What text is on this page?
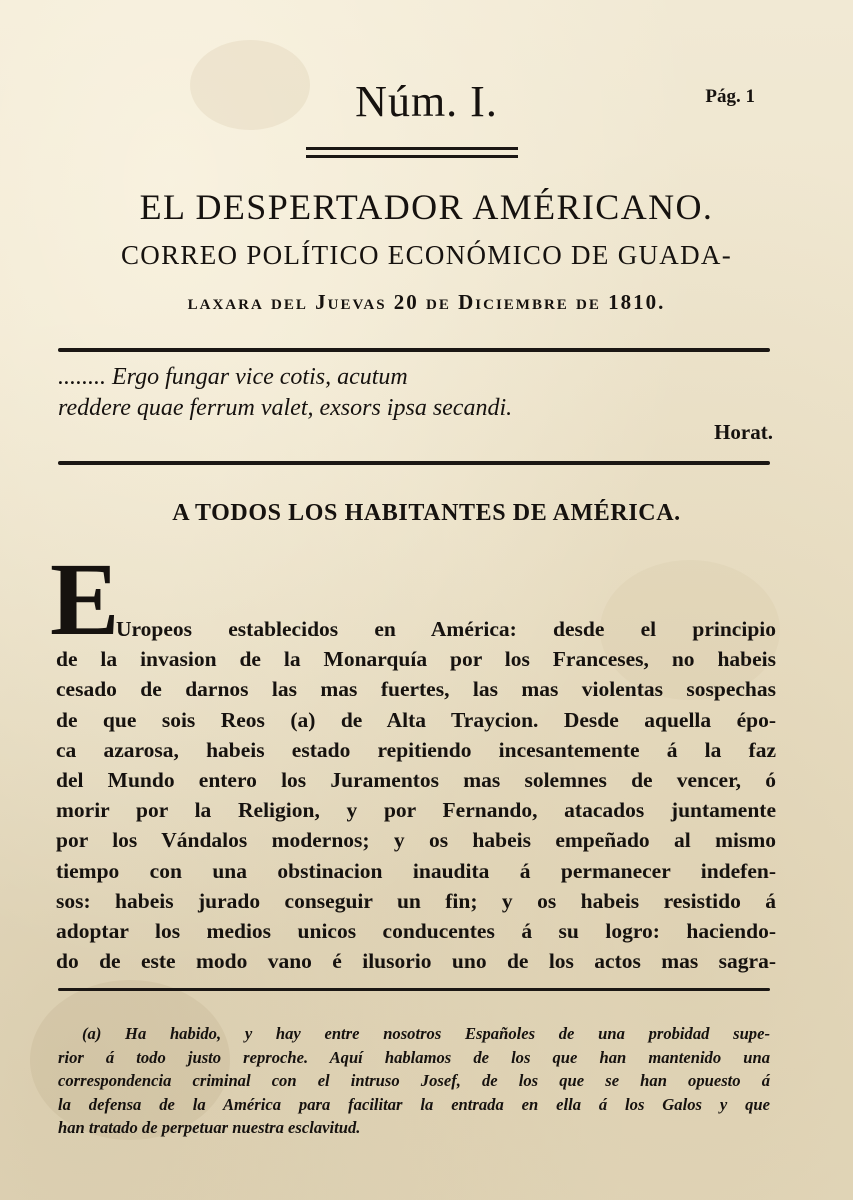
Núm. I.	Pág. 1
EL DESPERTADOR AMÉRICANO.
CORREO POLÍTICO ECONÓMICO DE GUADA-
laxara del Juevas 20 de Diciembre de 1810.
........ Ergo fungar vice cotis, acutum
reddere quae ferrum valet, exsors ipsa secandi.
Horat.
A TODOS LOS HABITANTES DE AMÉRICA.
E
Uropeos establecidos en América: desde el principio
de la invasion de la Monarquía por los Franceses, no habeis
cesado de darnos las mas fuertes, las mas violentas sospechas
de que sois Reos (a) de Alta Traycion. Desde aquella épo-
ca azarosa, habeis estado repitiendo incesantemente á la faz
del Mundo entero los Juramentos mas solemnes de vencer, ó
morir por la Religion, y por Fernando, atacados juntamente
por los Vándalos modernos; y os habeis empeñado al mismo
tiempo con una obstinacion inaudita á permanecer indefen-
sos: habeis jurado conseguir un fin; y os habeis resistido á
adoptar los medios unicos conducentes á su logro: haciendo-
do de este modo vano é ilusorio uno de los actos mas sagra-
(a) Ha habido, y hay entre nosotros Españoles de una probidad supe-
rior á todo justo reproche. Aquí hablamos de los que han mantenido una
correspondencia criminal con el intruso Josef, de los que se han opuesto á
la defensa de la América para facilitar la entrada en ella á los Galos y que
han tratado de perpetuar nuestra esclavitud.
